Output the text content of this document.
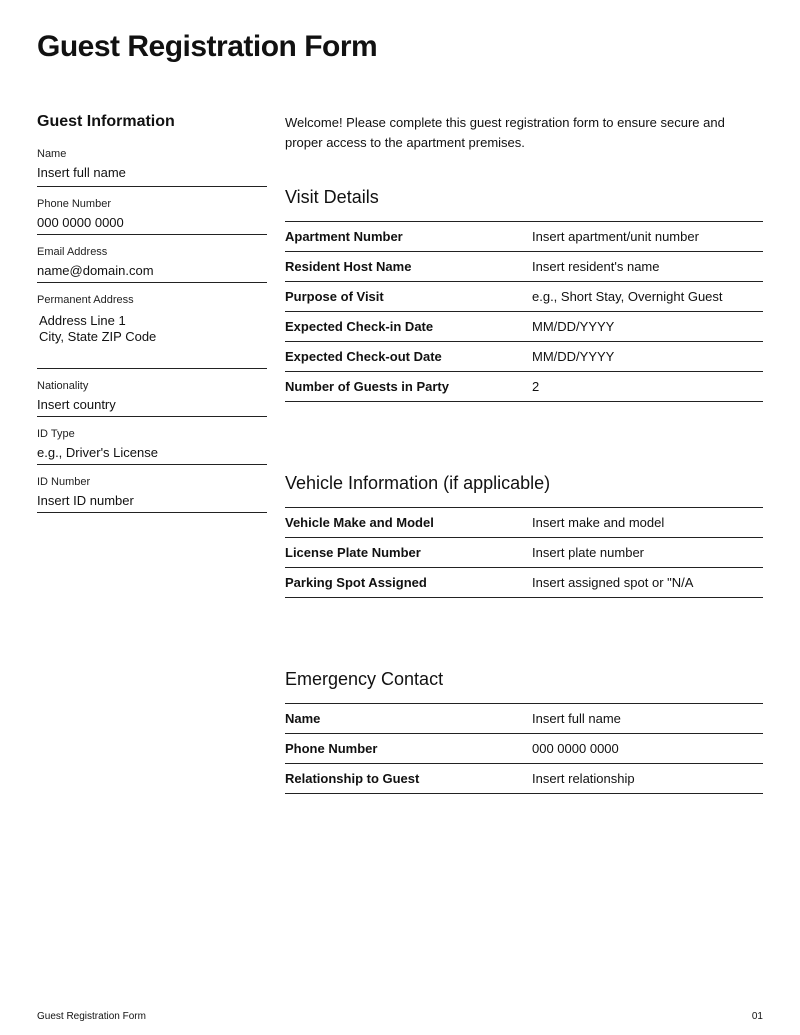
Guest Registration Form
Guest Information
Name
Insert full name
Phone Number
000 0000 0000
Email Address
name@domain.com
Permanent Address
Address Line 1
City, State ZIP Code
Nationality
Insert country
ID Type
e.g., Driver's License
ID Number
Insert ID number

Welcome! Please complete this guest registration form to ensure secure and proper access to the apartment premises.

Visit Details
Apartment Number	Insert apartment/unit number
Resident Host Name	Insert resident's name
Purpose of Visit	e.g., Short Stay, Overnight Guest
Expected Check-in Date	MM/DD/YYYY
Expected Check-out Date	MM/DD/YYYY
Number of Guests in Party	2
Vehicle Information (if applicable)
Vehicle Make and Model	Insert make and model
License Plate Number	Insert plate number
Parking Spot Assigned	Insert assigned spot or "N/A
Emergency Contact
Name	Insert full name
Phone Number	000 0000 0000
Relationship to Guest	Insert relationship
Guest Registration Form	01
